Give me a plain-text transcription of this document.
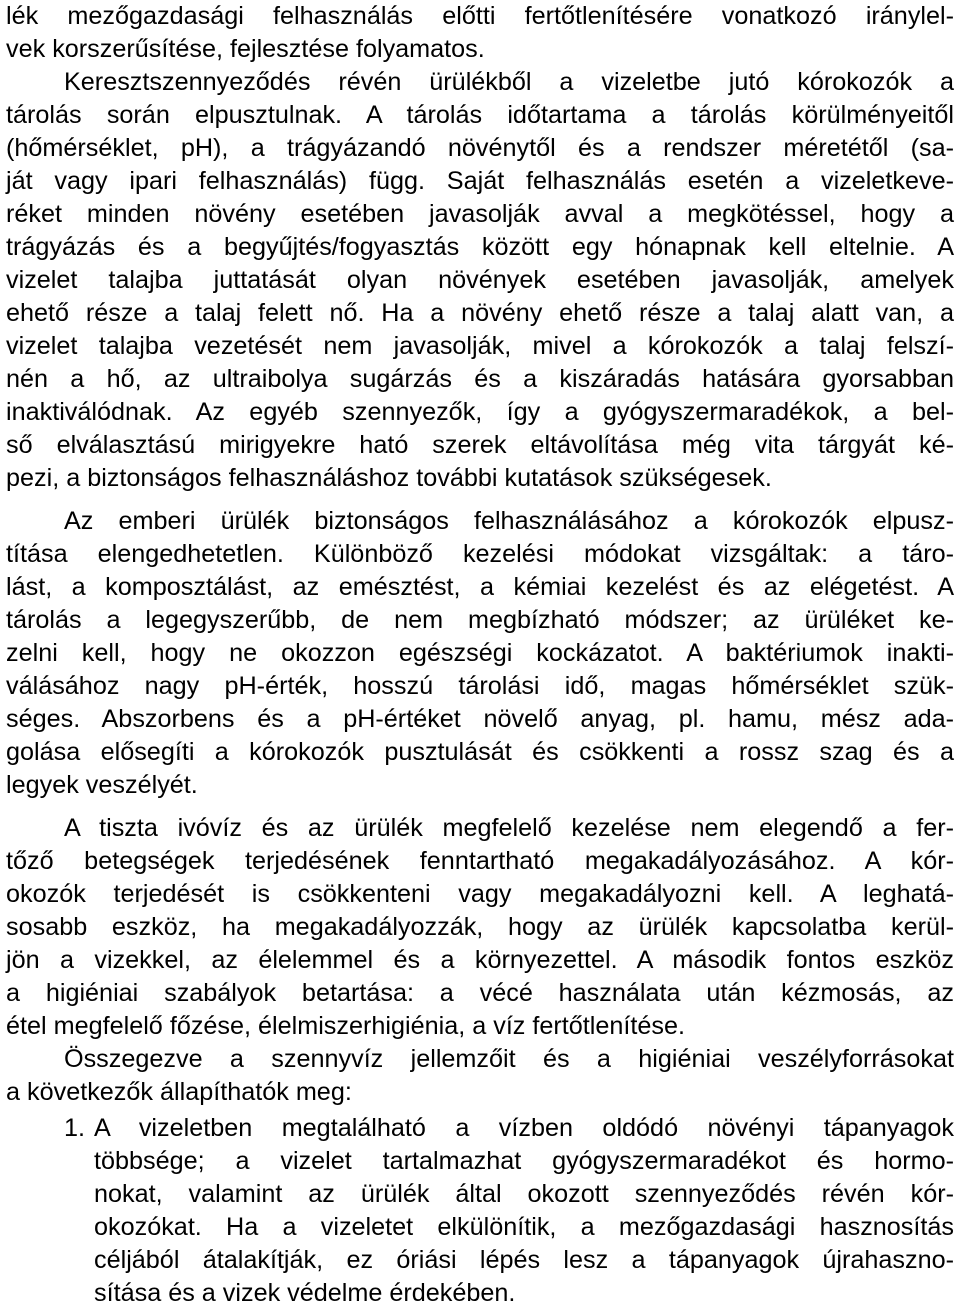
lék mezőgazdasági felhasználás előtti fertőtlenítésére vonatkozó iránylel-
vek korszerűsítése, fejlesztése folyamatos.
Keresztszennyeződés révén ürülékből a vizeletbe jutó kórokozók a
tárolás során elpusztulnak. A tárolás időtartama a tárolás körülményeitől
(hőmérséklet, pH), a trágyázandó növénytől és a rendszer méretétől (sa-
ját vagy ipari felhasználás) függ. Saját felhasználás esetén a vizeletkeve-
réket minden növény esetében javasolják avval a megkötéssel, hogy a
trágyázás és a begyűjtés/fogyasztás között egy hónapnak kell eltelnie. A
vizelet talajba juttatását olyan növények esetében javasolják, amelyek
ehető része a talaj felett nő. Ha a növény ehető része a talaj alatt van, a
vizelet talajba vezetését nem javasolják, mivel a kórokozók a talaj felszí-
nén a hő, az ultraibolya sugárzás és a kiszáradás hatására gyorsabban
inaktiválódnak. Az egyéb szennyezők, így a gyógyszermaradékok, a bel-
ső elválasztású mirigyekre ható szerek eltávolítása még vita tárgyát ké-
pezi, a biztonságos felhasználáshoz további kutatások szükségesek.
Az emberi ürülék biztonságos felhasználásához a kórokozók elpusz-
títása elengedhetetlen. Különböző kezelési módokat vizsgáltak: a táro-
lást, a komposztálást, az emésztést, a kémiai kezelést és az elégetést. A
tárolás a legegyszerűbb, de nem megbízható módszer; az ürüléket ke-
zelni kell, hogy ne okozzon egészségi kockázatot. A baktériumok inakti-
válásához nagy pH-érték, hosszú tárolási idő, magas hőmérséklet szük-
séges. Abszorbens és a pH-értéket növelő anyag, pl. hamu, mész ada-
golása elősegíti a kórokozók pusztulását és csökkenti a rossz szag és a
legyek veszélyét.
A tiszta ivóvíz és az ürülék megfelelő kezelése nem elegendő a fer-
tőző betegségek terjedésének fenntartható megakadályozásához. A kór-
okozók terjedését is csökkenteni vagy megakadályozni kell. A leghatá-
sosabb eszköz, ha megakadályozzák, hogy az ürülék kapcsolatba kerül-
jön a vizekkel, az élelemmel és a környezettel. A második fontos eszköz
a higiéniai szabályok betartása: a vécé használata után kézmosás, az
étel megfelelő főzése, élelmiszerhigiénia, a víz fertőtlenítése.
Összegezve a szennyvíz jellemzőit és a higiéniai veszélyforrásokat
a következők állapíthatók meg:
1. A vizeletben megtalálható a vízben oldódó növényi tápanyagok
többsége; a vizelet tartalmazhat gyógyszermaradékot és hormo-
nokat, valamint az ürülék által okozott szennyeződés révén kór-
okozókat. Ha a vizeletet elkülönítik, a mezőgazdasági hasznosítás
céljából átalakítják, ez óriási lépés lesz a tápanyagok újrahaszno-
sítása és a vizek védelme érdekében.
